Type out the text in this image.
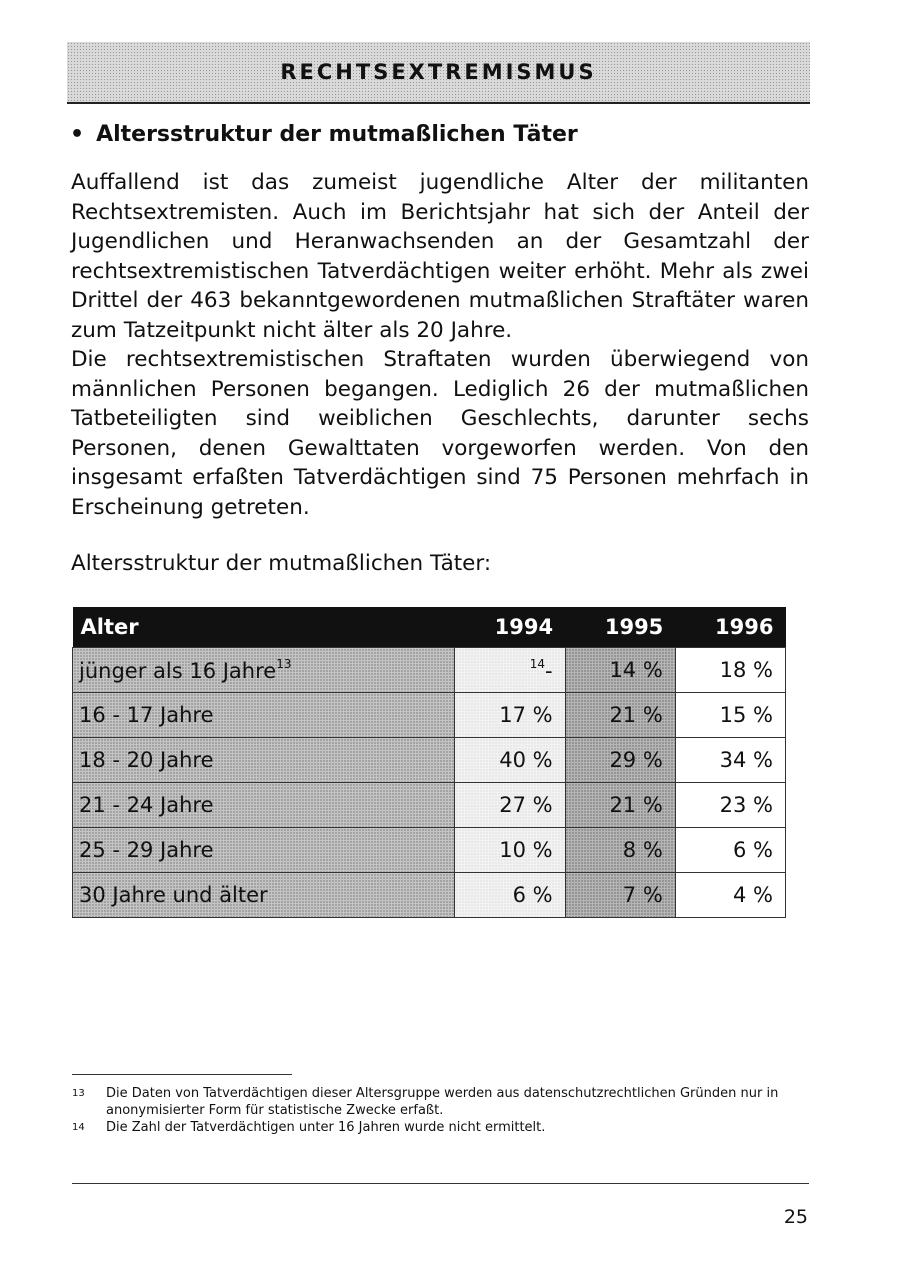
RECHTSEXTREMISMUS
• Altersstruktur der mutmaßlichen Täter

Auffallend ist das zumeist jugendliche Alter der militanten Rechtsextremisten. Auch im Berichtsjahr hat sich der Anteil der Jugendlichen und Heranwachsenden an der Gesamtzahl der rechtsextremistischen Tatverdächtigen weiter erhöht. Mehr als zwei Drittel der 463 bekanntgewordenen mutmaßlichen Straftäter waren zum Tatzeitpunkt nicht älter als 20 Jahre.

Die rechtsextremistischen Straftaten wurden überwiegend von männlichen Personen begangen. Lediglich 26 der mutmaßlichen Tatbeteiligten sind weiblichen Geschlechts, darunter sechs Personen, denen Gewalttaten vorgeworfen werden. Von den insgesamt erfaßten Tatverdächtigen sind 75 Personen mehrfach in Erscheinung getreten.

Altersstruktur der mutmaßlichen Täter:
Alter	1994	1995	1996
jünger als 16 Jahre$^{13}$	$^{14}$-	14 %	18 %
16 - 17 Jahre	17 %	21 %	15 %
18 - 20 Jahre	40 %	29 %	34 %
21 - 24 Jahre	27 %	21 %	23 %
25 - 29 Jahre	10 %	8 %	6 %
30 Jahre und älter	6 %	7 %	4 %
13	Die Daten von Tatverdächtigen dieser Altersgruppe werden aus datenschutzrechtlichen Gründen nur in anonymisierter Form für statistische Zwecke erfaßt.
14	Die Zahl der Tatverdächtigen unter 16 Jahren wurde nicht ermittelt.
25
